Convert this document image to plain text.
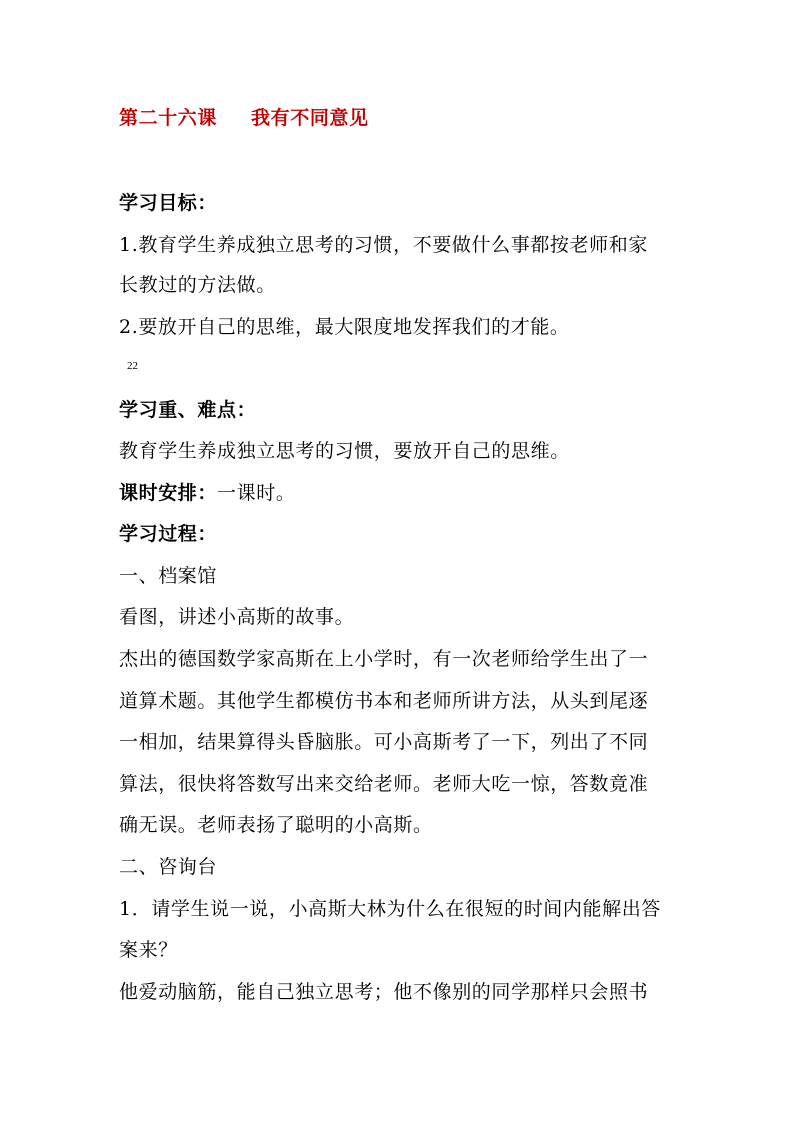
第二十六课 我有不同意见
学习目标：
1.教育学生养成独立思考的习惯，不要做什么事都按老师和家
长教过的方法做。
2.要放开自己的思维，最大限度地发挥我们的才能。
22
学习重、难点：
教育学生养成独立思考的习惯，要放开自己的思维。
课时安排：一课时。
学习过程：
一、档案馆
看图，讲述小高斯的故事。
杰出的德国数学家高斯在上小学时，有一次老师给学生出了一
道算术题。其他学生都模仿书本和老师所讲方法，从头到尾逐
一相加，结果算得头昏脑胀。可小高斯考了一下，列出了不同
算法，很快将答数写出来交给老师。老师大吃一惊，答数竟准
确无误。老师表扬了聪明的小高斯。
二、咨询台
1．请学生说一说，小高斯大林为什么在很短的时间内能解出答
案来？
他爱动脑筋，能自己独立思考；他不像别的同学那样只会照书
